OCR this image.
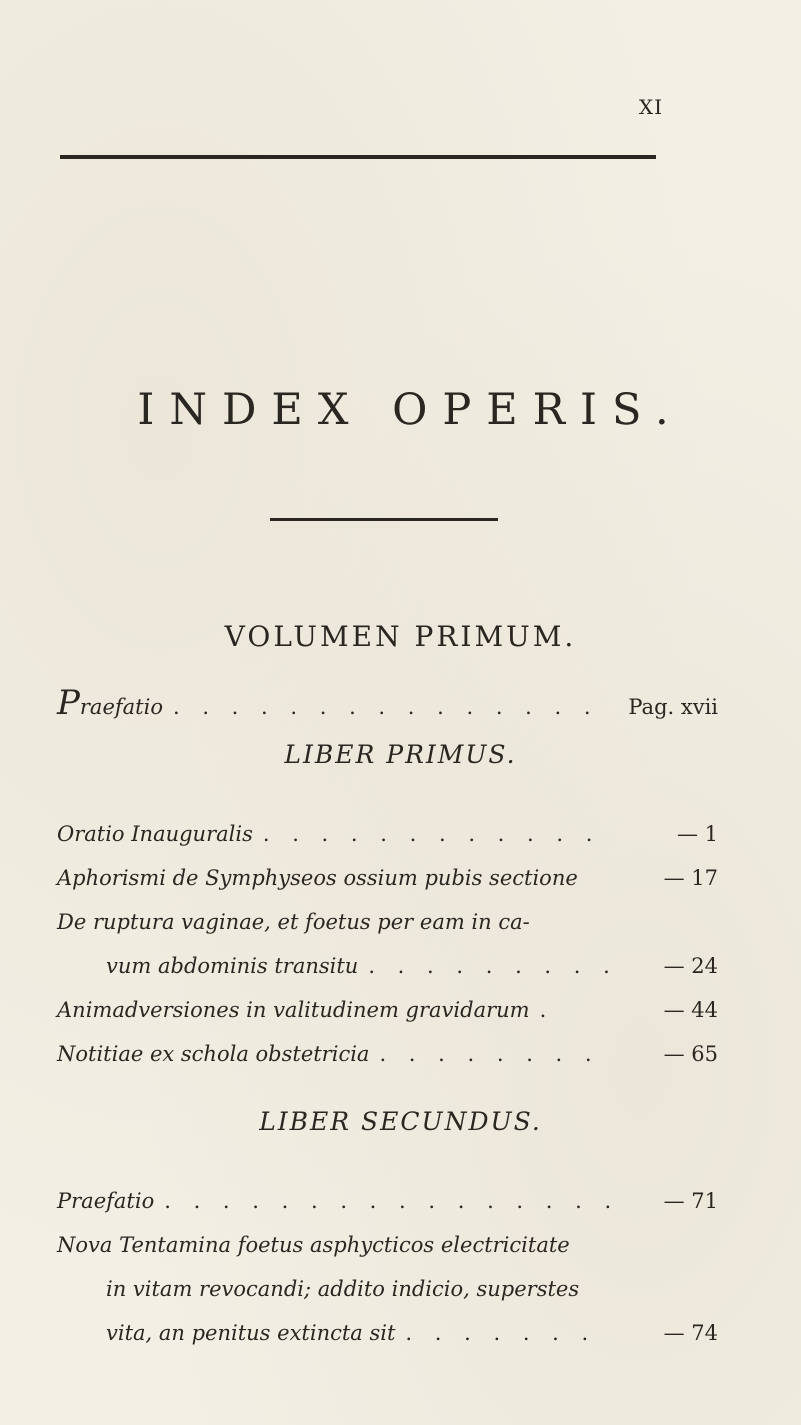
XI
INDEX OPERIS.
VOLUMEN PRIMUM.
Praefatio . . . . . . . . . . . . . . .	Pag. xvii
LIBER PRIMUS.
Oratio Inauguralis . . . . . . . . . . . .	— 1
Aphorismi de Symphyseos ossium pubis sectione	— 17
De ruptura vaginae, et foetus per eam in ca-
vum abdominis transitu . . . . . . . . .	— 24
Animadversiones in valitudinem gravidarum .	— 44
Notitiae ex schola obstetricia . . . . . . . .	— 65
LIBER SECUNDUS.
Praefatio . . . . . . . . . . . . . . . .	— 71
Nova Tentamina foetus asphycticos electricitate
in vitam revocandi; addito indicio, superstes
vita, an penitus extincta sit . . . . . . .	— 74
